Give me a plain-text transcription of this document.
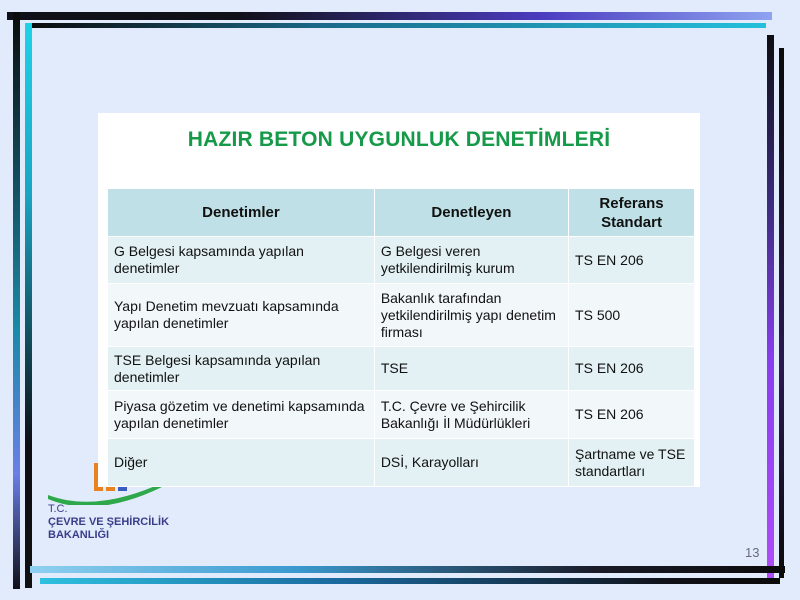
T.C.
ÇEVRE VE ŞEHİRCİLİK
BAKANLIĞI
13
HAZIR BETON UYGUNLUK DENETİMLERİ
Denetimler	Denetleyen	Referans Standart
G Belgesi kapsamında yapılan denetimler	G Belgesi veren yetkilendirilmiş kurum	TS EN 206
Yapı Denetim mevzuatı kapsamında yapılan denetimler	Bakanlık tarafından yetkilendirilmiş yapı denetim firması	TS 500
TSE Belgesi kapsamında yapılan denetimler	TSE	TS EN 206
Piyasa gözetim ve denetimi kapsamında yapılan denetimler	T.C. Çevre ve Şehircilik Bakanlığı İl Müdürlükleri	TS EN 206
Diğer	DSİ, Karayolları	Şartname ve TSE standartları
